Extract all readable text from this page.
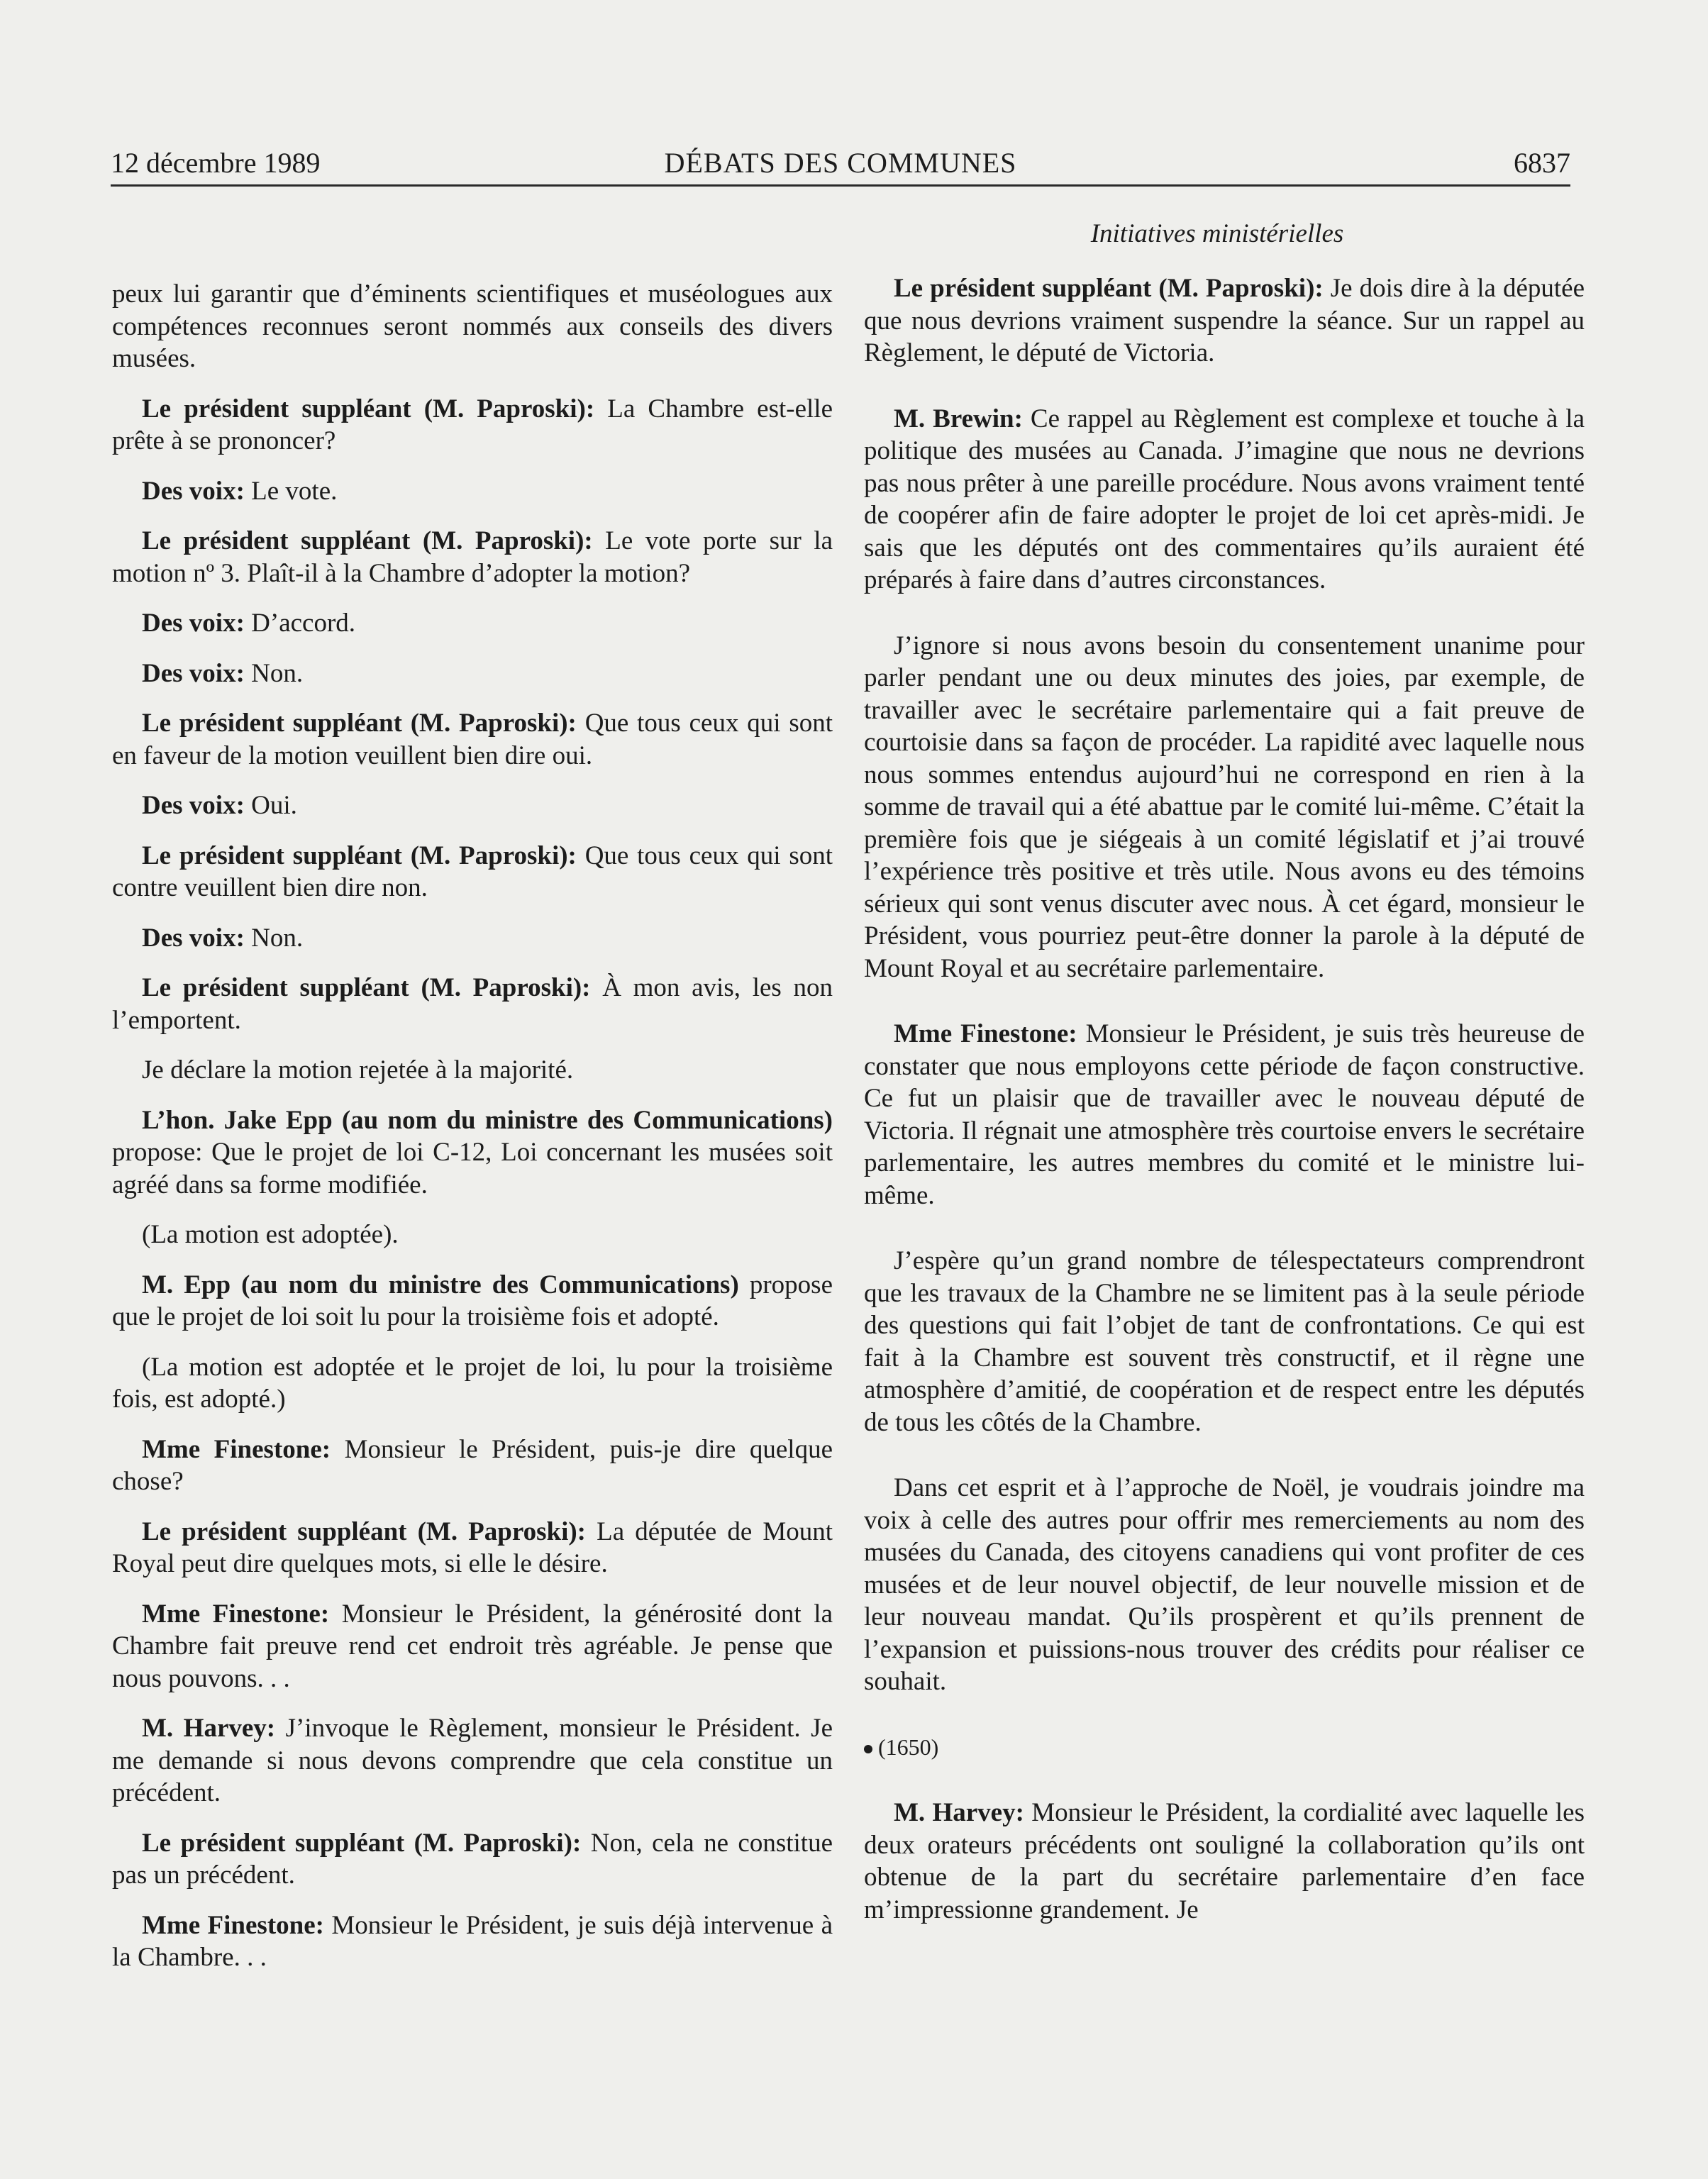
12 décembre 1989	DÉBATS DES COMMUNES	6837
Initiatives ministérielles

peux lui garantir que d’éminents scientifiques et muséologues aux compétences reconnues seront nommés aux conseils des divers musées.

Le président suppléant (M. Paproski): La Chambre est-elle prête à se prononcer?

Des voix: Le vote.

Le président suppléant (M. Paproski): Le vote porte sur la motion nº 3. Plaît-il à la Chambre d’adopter la motion?

Des voix: D’accord.

Des voix: Non.

Le président suppléant (M. Paproski): Que tous ceux qui sont en faveur de la motion veuillent bien dire oui.

Des voix: Oui.

Le président suppléant (M. Paproski): Que tous ceux qui sont contre veuillent bien dire non.

Des voix: Non.

Le président suppléant (M. Paproski): À mon avis, les non l’emportent.

Je déclare la motion rejetée à la majorité.

L’hon. Jake Epp (au nom du ministre des Communications) propose: Que le projet de loi C-12, Loi concernant les musées soit agréé dans sa forme modifiée.

(La motion est adoptée).

M. Epp (au nom du ministre des Communications) propose que le projet de loi soit lu pour la troisième fois et adopté.

(La motion est adoptée et le projet de loi, lu pour la troisième fois, est adopté.)

Mme Finestone: Monsieur le Président, puis-je dire quelque chose?

Le président suppléant (M. Paproski): La députée de Mount Royal peut dire quelques mots, si elle le désire.

Mme Finestone: Monsieur le Président, la générosité dont la Chambre fait preuve rend cet endroit très agréable. Je pense que nous pouvons. . .

M. Harvey: J’invoque le Règlement, monsieur le Président. Je me demande si nous devons comprendre que cela constitue un précédent.

Le président suppléant (M. Paproski): Non, cela ne constitue pas un précédent.

Mme Finestone: Monsieur le Président, je suis déjà intervenue à la Chambre. . .

Le président suppléant (M. Paproski): Je dois dire à la députée que nous devrions vraiment suspendre la séance. Sur un rappel au Règlement, le député de Victoria.

M. Brewin: Ce rappel au Règlement est complexe et touche à la politique des musées au Canada. J’imagine que nous ne devrions pas nous prêter à une pareille procédure. Nous avons vraiment tenté de coopérer afin de faire adopter le projet de loi cet après-midi. Je sais que les députés ont des commentaires qu’ils auraient été préparés à faire dans d’autres circonstances.

J’ignore si nous avons besoin du consentement unanime pour parler pendant une ou deux minutes des joies, par exemple, de travailler avec le secrétaire parlementaire qui a fait preuve de courtoisie dans sa façon de procéder. La rapidité avec laquelle nous nous sommes entendus aujourd’hui ne correspond en rien à la somme de travail qui a été abattue par le comité lui-même. C’était la première fois que je siégeais à un comité législatif et j’ai trouvé l’expérience très positive et très utile. Nous avons eu des témoins sérieux qui sont venus discuter avec nous. À cet égard, monsieur le Président, vous pourriez peut-être donner la parole à la député de Mount Royal et au secrétaire parlementaire.

Mme Finestone: Monsieur le Président, je suis très heureuse de constater que nous employons cette période de façon constructive. Ce fut un plaisir que de travailler avec le nouveau député de Victoria. Il régnait une atmosphère très courtoise envers le secrétaire parlementaire, les autres membres du comité et le ministre lui-même.

J’espère qu’un grand nombre de télespectateurs comprendront que les travaux de la Chambre ne se limitent pas à la seule période des questions qui fait l’objet de tant de confrontations. Ce qui est fait à la Chambre est souvent très constructif, et il règne une atmosphère d’amitié, de coopération et de respect entre les députés de tous les côtés de la Chambre.

Dans cet esprit et à l’approche de Noël, je voudrais joindre ma voix à celle des autres pour offrir mes remerciements au nom des musées du Canada, des citoyens canadiens qui vont profiter de ces musées et de leur nouvel objectif, de leur nouvelle mission et de leur nouveau mandat. Qu’ils prospèrent et qu’ils prennent de l’expansion et puissions-nous trouver des crédits pour réaliser ce souhait.

(1650)

M. Harvey: Monsieur le Président, la cordialité avec laquelle les deux orateurs précédents ont souligné la collaboration qu’ils ont obtenue de la part du secrétaire parlementaire d’en face m’impressionne grandement. Je
